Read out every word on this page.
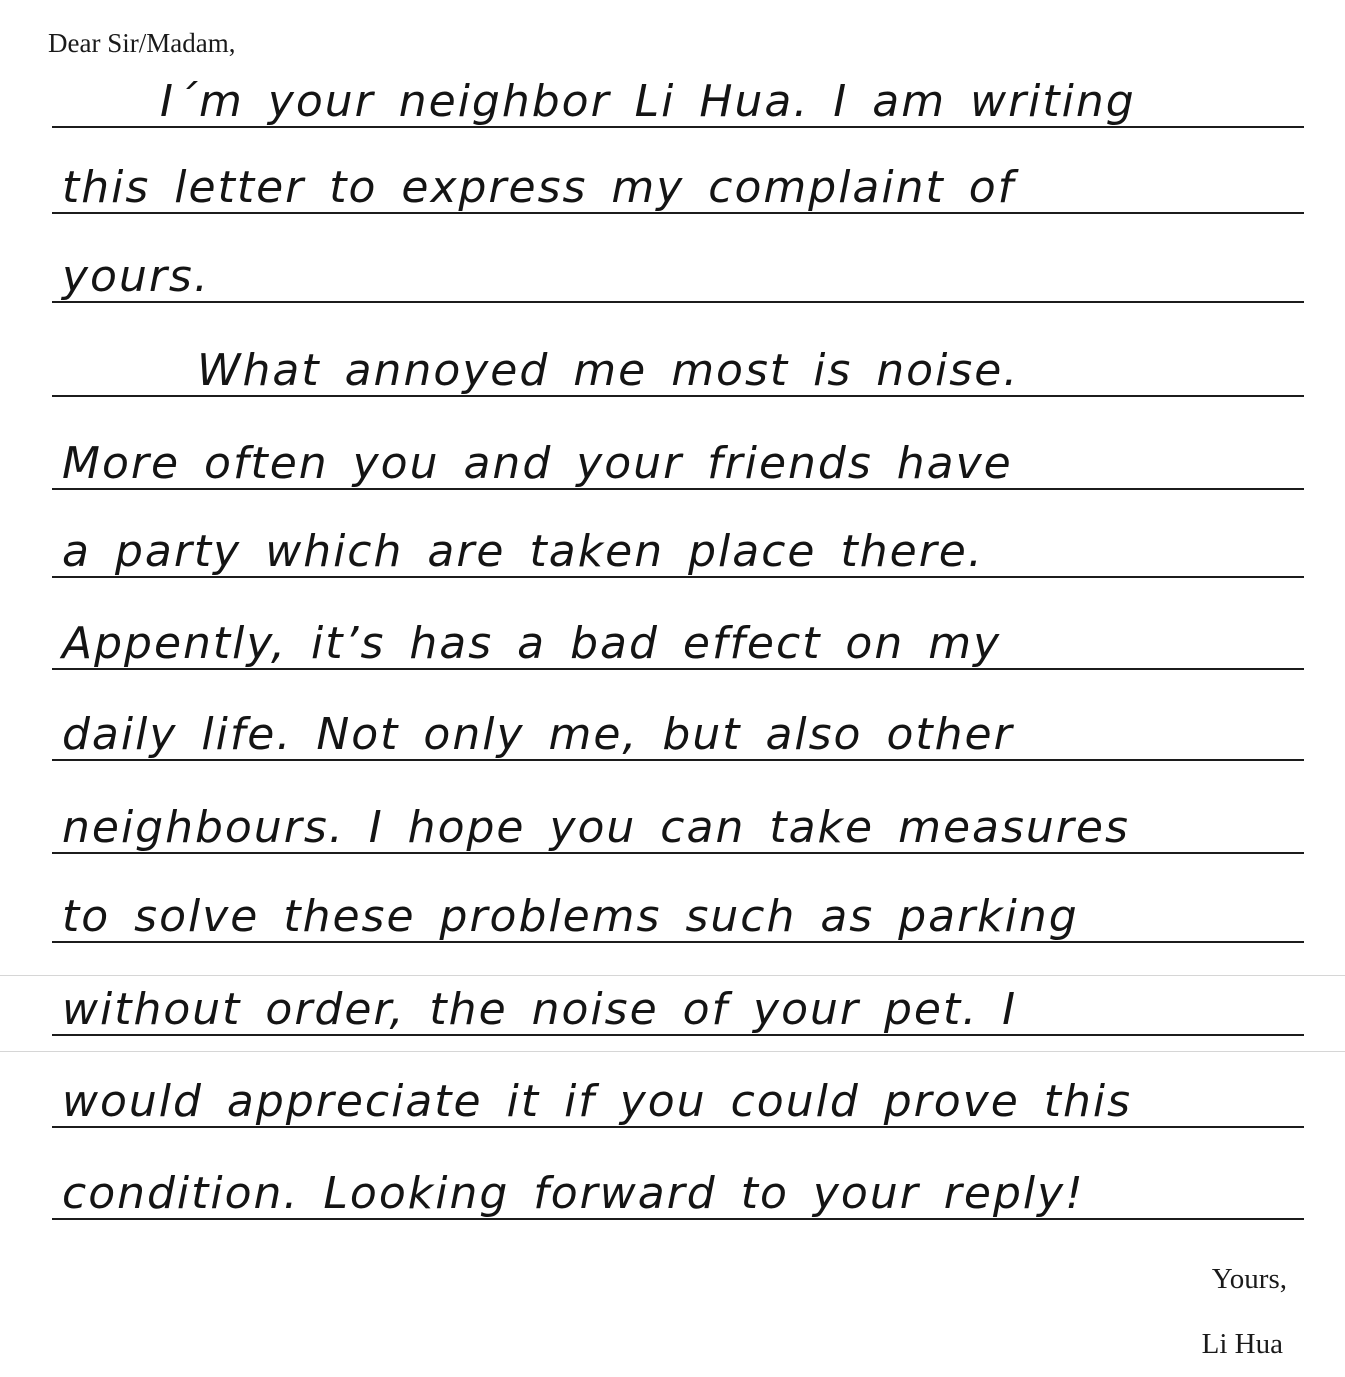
Dear Sir/Madam,
I´m your neighbor Li Hua. I am writing
this letter to express my complaint of
yours.
What annoyed me most is noise.
More often you and your friends have
a party which are taken place there.
Appently, it’s has a bad effect on my
daily life. Not only me, but also other
neighbours. I hope you can take measures
to solve these problems such as parking
without order, the noise of your pet. I
would appreciate it if you could prove this
condition. Looking forward to your reply!
Yours,
Li Hua
